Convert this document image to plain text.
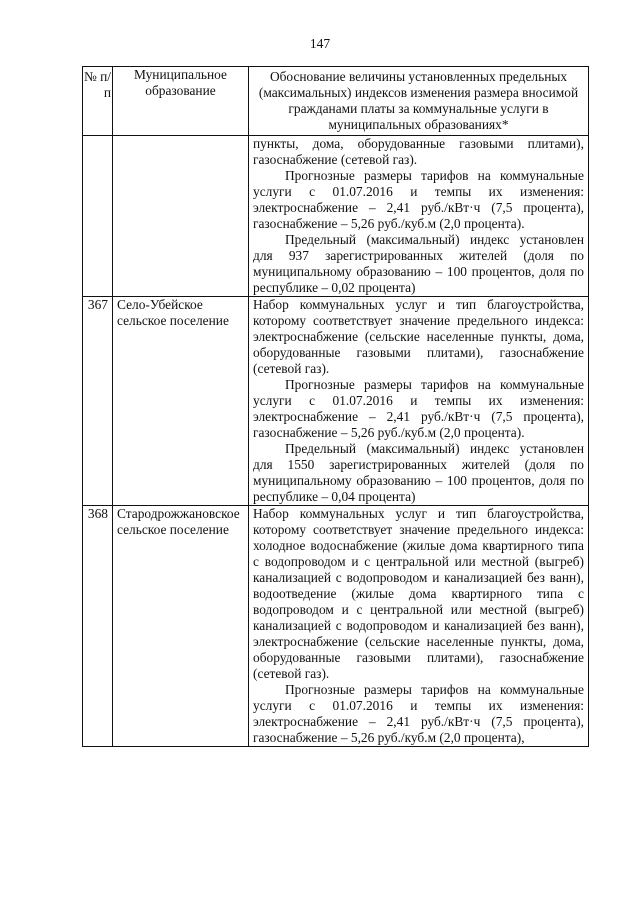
147
№ п/п	Муниципальное образование	Обоснование величины установленных предельных (максимальных) индексов изменения размера вносимой гражданами платы за коммунальные услуги в муниципальных образованиях*

		пункты, дома, оборудованные газовыми плитами), газоснабжение (сетевой газ).
Прогнозные размеры тарифов на коммунальные услуги с 01.07.2016 и темпы их изменения: электроснабжение – 2,41 руб./кВт·ч (7,5 процента), газоснабжение – 5,26 руб./куб.м (2,0 процента).
Предельный (максимальный) индекс установлен для 937 зарегистрированных жителей (доля по муниципальному образованию – 100 процентов, доля по республике – 0,02 процента)

367	Село-Убейское сельское поселение	Набор коммунальных услуг и тип благоустройства, которому соответствует значение предельного индекса: электроснабжение (сельские населенные пункты, дома, оборудованные газовыми плитами), газоснабжение (сетевой газ).
Прогнозные размеры тарифов на коммунальные услуги с 01.07.2016 и темпы их изменения: электроснабжение – 2,41 руб./кВт·ч (7,5 процента), газоснабжение – 5,26 руб./куб.м (2,0 процента).
Предельный (максимальный) индекс установлен для 1550 зарегистрированных жителей (доля по муниципальному образованию – 100 процентов, доля по республике – 0,04 процента)

368	Стародрожжановское сельское поселение	Набор коммунальных услуг и тип благоустройства, которому соответствует значение предельного индекса: холодное водоснабжение (жилые дома квартирного типа с водопроводом и с центральной или местной (выгреб) канализацией с водопроводом и канализацией без ванн), водоотведение (жилые дома квартирного типа с водопроводом и с центральной или местной (выгреб) канализацией с водопроводом и канализацией без ванн), электроснабжение (сельские населенные пункты, дома, оборудованные газовыми плитами), газоснабжение (сетевой газ).
Прогнозные размеры тарифов на коммунальные услуги с 01.07.2016 и темпы их изменения: электроснабжение – 2,41 руб./кВт·ч (7,5 процента), газоснабжение – 5,26 руб./куб.м (2,0 процента),
